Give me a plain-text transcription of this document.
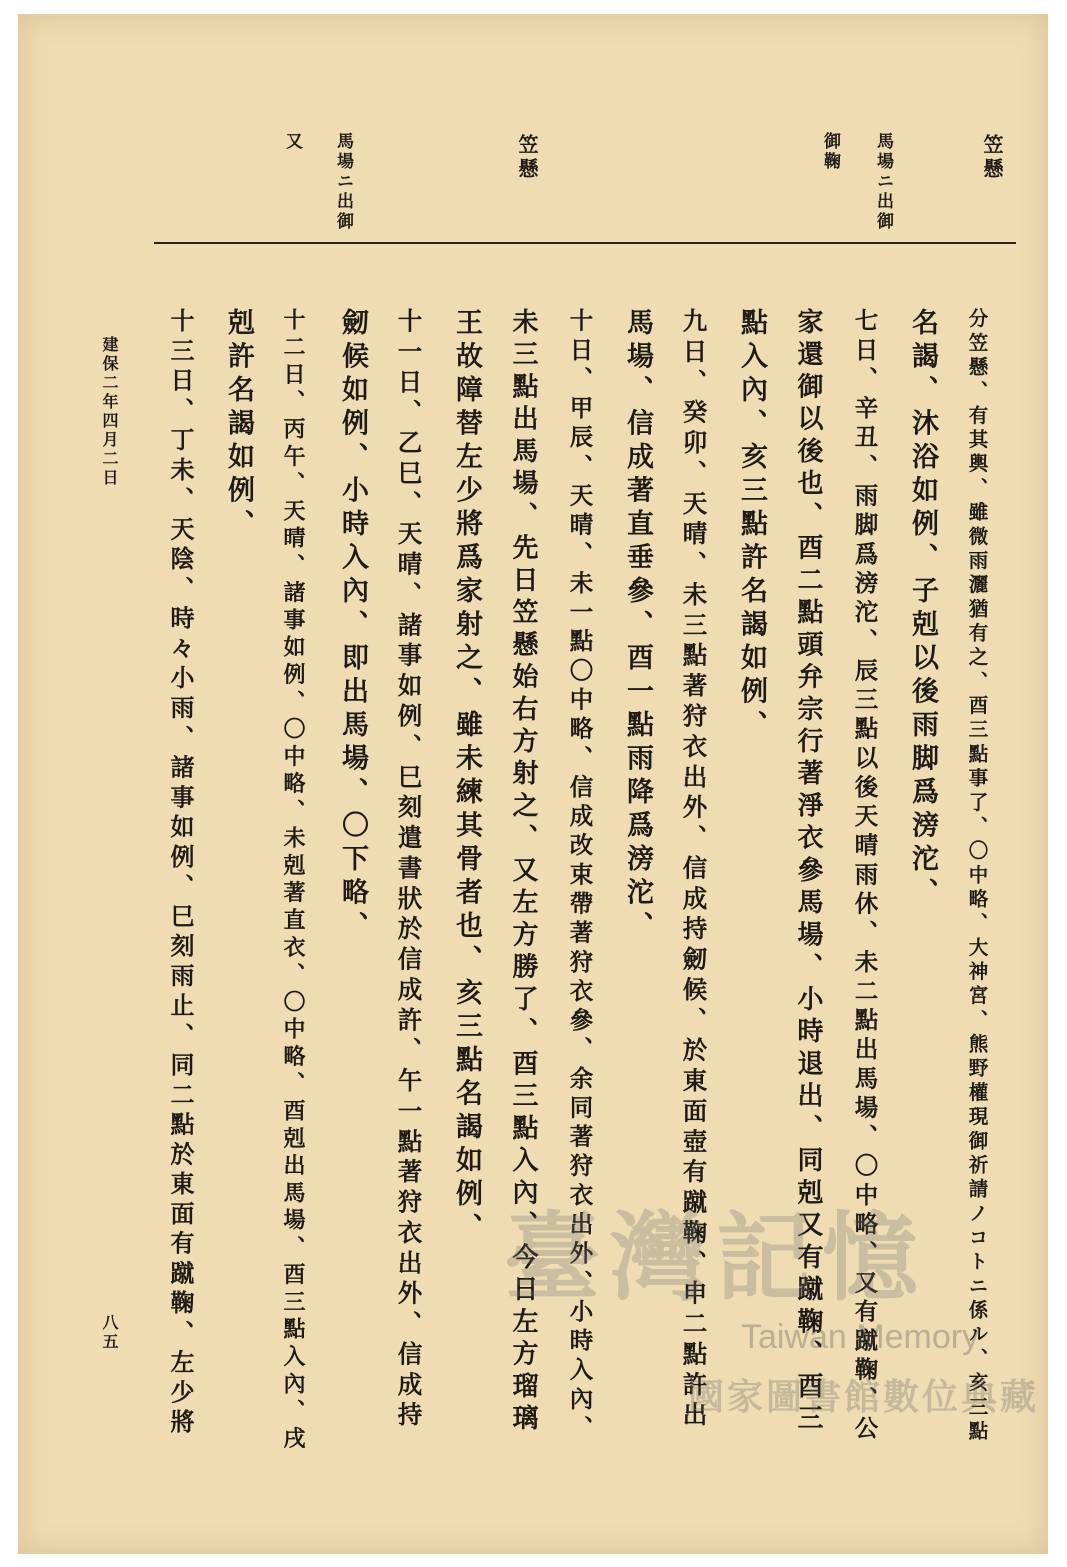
笠懸
馬場ニ出御
御鞠
笠懸
馬場ニ出御
又
分笠懸、有其輿、雖微雨灑猶有之、酉三點事了、〇中略、大神宮、熊野權現御祈請ノコトニ係ル、亥三點
名謁、沐浴如例、子剋以後雨脚爲滂沱、
七日、辛丑、雨脚爲滂沱、辰三點以後天晴雨休、未二點出馬場、〇中略、又有蹴鞠、公
家還御以後也、酉二點頭弁宗行著淨衣參馬場、小時退出、同剋又有蹴鞠、酉三
點入內、亥三點許名謁如例、
九日、癸卯、天晴、未三點著狩衣出外、信成持劒候、於東面壺有蹴鞠、申二點許出
馬場、信成著直垂參、酉一點雨降爲滂沱、
十日、甲辰、天晴、未一點〇中略、信成改束帶著狩衣參、余同著狩衣出外、小時入內、
未三點出馬場、先日笠懸始右方射之、又左方勝了、酉三點入內、今日左方瑠璃
王故障替左少將爲家射之、雖未練其骨者也、亥三點名謁如例、
十一日、乙巳、天晴、諸事如例、巳刻遣書狀於信成許、午一點著狩衣出外、信成持
劒候如例、小時入內、即出馬場、〇下略、
十二日、丙午、天晴、諸事如例、〇中略、未剋著直衣、〇中略、酉剋出馬場、酉三點入內、戌
剋許名謁如例、
十三日、丁未、天陰、時々小雨、諸事如例、巳刻雨止、同二點於東面有蹴鞠、左少將
建保二年四月二日
八五
臺灣記憶
Taiwan Memory
國家圖書館數位典藏
